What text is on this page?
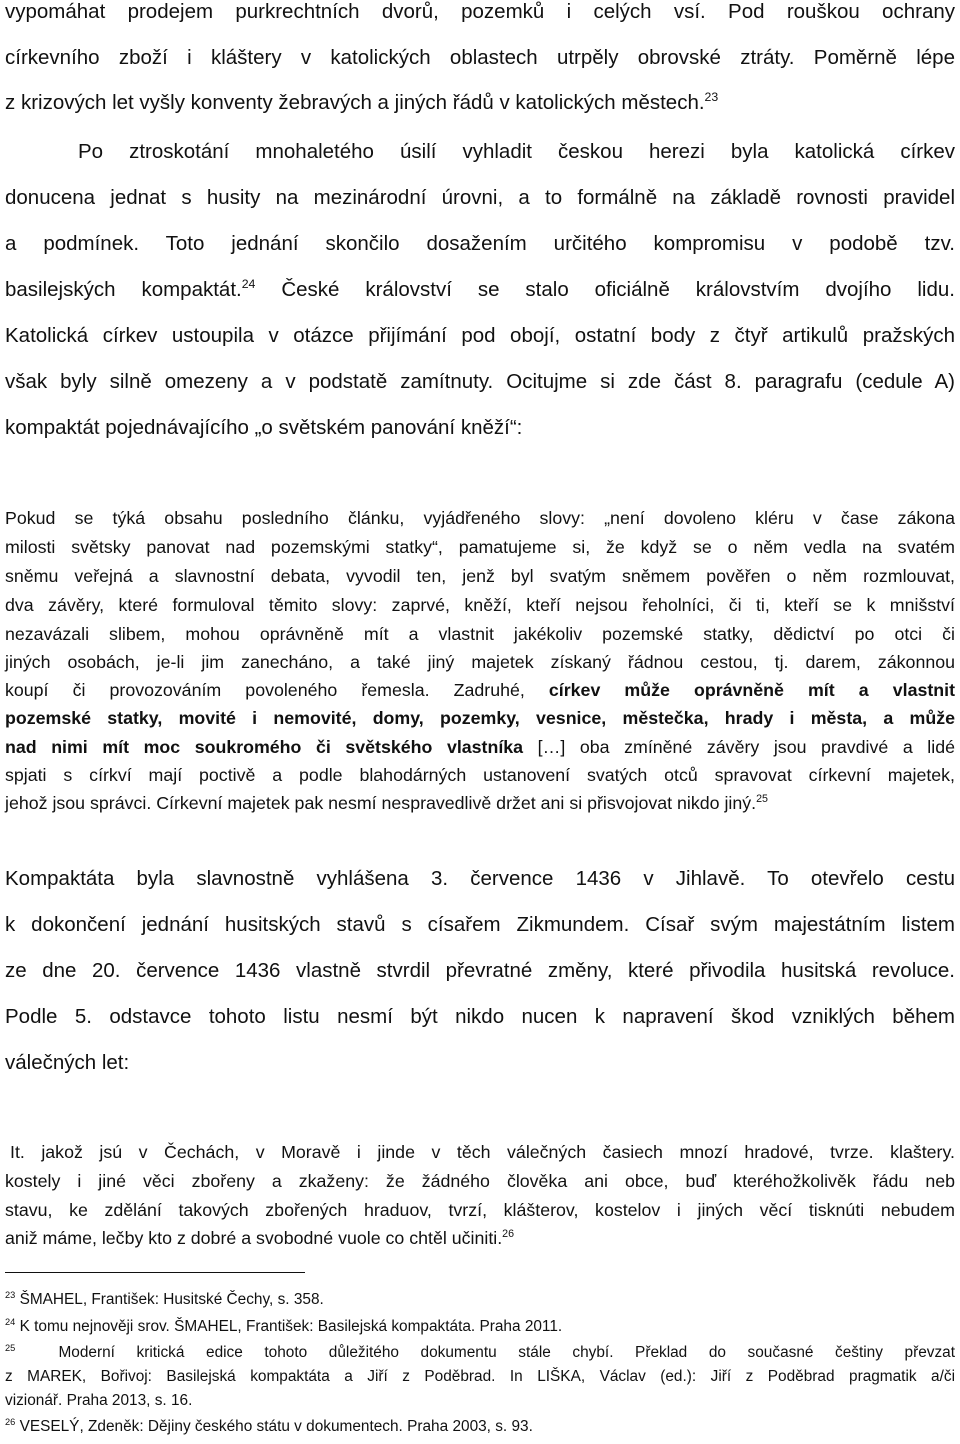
vypomáhat prodejem purkrechtních dvorů, pozemků i celých vsí. Pod rouškou ochrany
církevního zboží i kláštery v katolických oblastech utrpěly obrovské ztráty. Poměrně lépe
z krizových let vyšly konventy žebravých a jiných řádů v katolických městech.$^{23}$
Po ztroskotání mnohaletého úsilí vyhladit českou herezi byla katolická církev
donucena jednat s husity na mezinárodní úrovni, a to formálně na základě rovnosti pravidel
a podmínek. Toto jednání skončilo dosažením určitého kompromisu v podobě tzv.
basilejských kompaktát.$^{24}$ České království se stalo oficiálně královstvím dvojího lidu.
Katolická církev ustoupila v otázce přijímání pod obojí, ostatní body z čtyř artikulů pražských
však byly silně omezeny a v podstatě zamítnuty. Ocitujme si zde část 8. paragrafu (cedule A)
kompaktát pojednávajícího „o světském panování kněží“:
Pokud se týká obsahu posledního článku, vyjádřeného slovy: „není dovoleno kléru v čase zákona
milosti světsky panovat nad pozemskými statky“, pamatujeme si, že když se o něm vedla na svatém
sněmu veřejná a slavnostní debata, vyvodil ten, jenž byl svatým sněmem pověřen o něm rozmlouvat,
dva závěry, které formuloval těmito slovy: zaprvé, kněží, kteří nejsou řeholníci, či ti, kteří se k mnišství
nezavázali slibem, mohou oprávněně mít a vlastnit jakékoliv pozemské statky, dědictví po otci či
jiných osobách, je-li jim zanecháno, a také jiný majetek získaný řádnou cestou, tj. darem, zákonnou
koupí či provozováním povoleného řemesla. Zadruhé, církev může oprávněně mít a vlastnit
pozemské statky, movité i nemovité, domy, pozemky, vesnice, městečka, hrady i města, a může
nad nimi mít moc soukromého či světského vlastníka […] oba zmíněné závěry jsou pravdivé a lidé
spjati s církví mají poctivě a podle blahodárných ustanovení svatých otců spravovat církevní majetek,
jehož jsou správci. Církevní majetek pak nesmí nespravedlivě držet ani si přisvojovat nikdo jiný.$^{25}$
Kompaktáta byla slavnostně vyhlášena 3. července 1436 v Jihlavě. To otevřelo cestu
k dokončení jednání husitských stavů s císařem Zikmundem. Císař svým majestátním listem
ze dne 20. července 1436 vlastně stvrdil převratné změny, které přivodila husitská revoluce.
Podle 5. odstavce tohoto listu nesmí být nikdo nucen k napravení škod vzniklých během
válečných let:
It. jakož jsú v Čechách, v Moravě i jinde v těch válečných časiech mnozí hradové, tvrze. klaštery.
kostely i jiné věci zbořeny a zkaženy: že žádného člověka ani obce, buď kteréhožkolivěk řádu neb
stavu, ke zdělání takových zbořených hraduov, tvrzí, klášterov, kostelov i jiných věcí tisknúti nebudem
aniž máme, lečby kto z dobré a svobodné vuole co chtěl učiniti.$^{26}$
$^{23}$ ŠMAHEL, František: Husitské Čechy, s. 358.
$^{24}$ K tomu nejnověji srov. ŠMAHEL, František: Basilejská kompaktáta. Praha 2011.
$^{25}$	Moderní kritická edice tohoto důležitého dokumentu stále chybí. Překlad do současné češtiny převzat
z MAREK, Bořivoj: Basilejská kompaktáta a Jiří z Poděbrad. In LIŠKA, Václav (ed.): Jiří z Poděbrad pragmatik a/či
vizionář. Praha 2013, s. 16.
$^{26}$ VESELÝ, Zdeněk: Dějiny českého státu v dokumentech. Praha 2003, s. 93.
